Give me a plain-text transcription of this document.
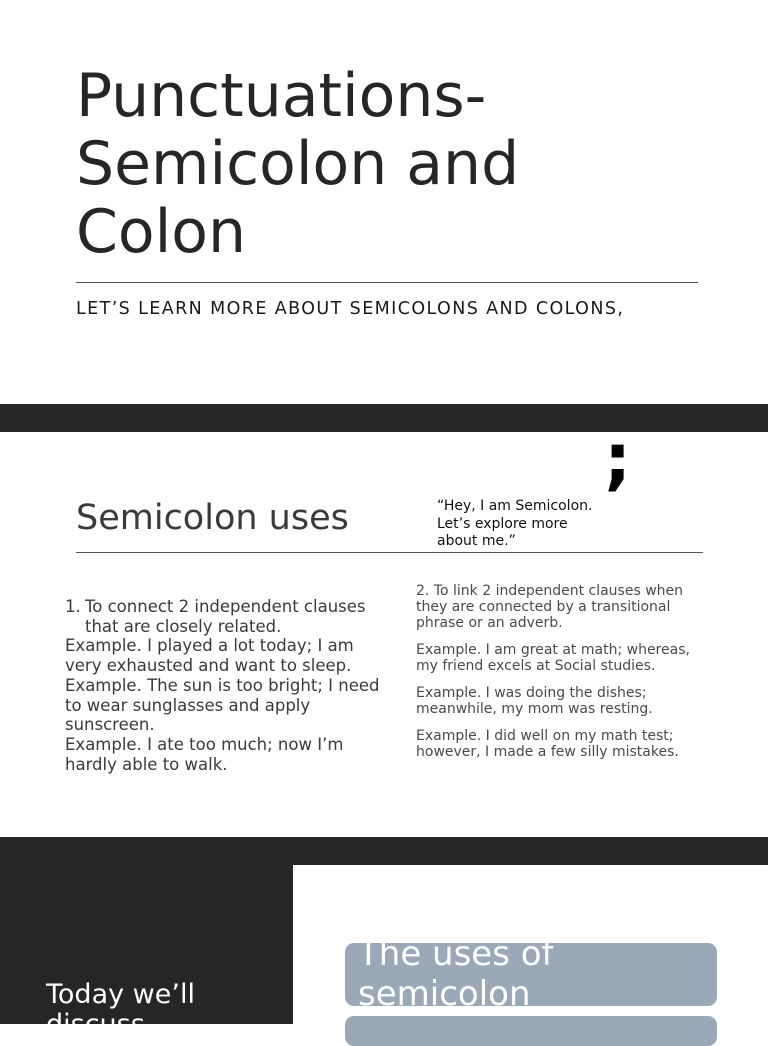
Punctuations-
Semicolon and
Colon
LET’S LEARN MORE ABOUT SEMICOLONS AND COLONS,
Semicolon uses
;
“Hey, I am Semicolon. Let’s explore more about me.”
1. To connect 2 independent clauses that are closely related.

Example. I played a lot today; I am very exhausted and want to sleep.

Example. The sun is too bright; I need to wear sunglasses and apply sunscreen.

Example. I ate too much; now I’m hardly able to walk.

2. To link 2 independent clauses when they are connected by a transitional phrase or an adverb.

Example. I am great at math; whereas, my friend excels at Social studies.

Example. I was doing the dishes; meanwhile, my mom was resting.

Example. I did well on my math test; however, I made a few silly mistakes.

Today we’ll discuss
The uses of semicolon
